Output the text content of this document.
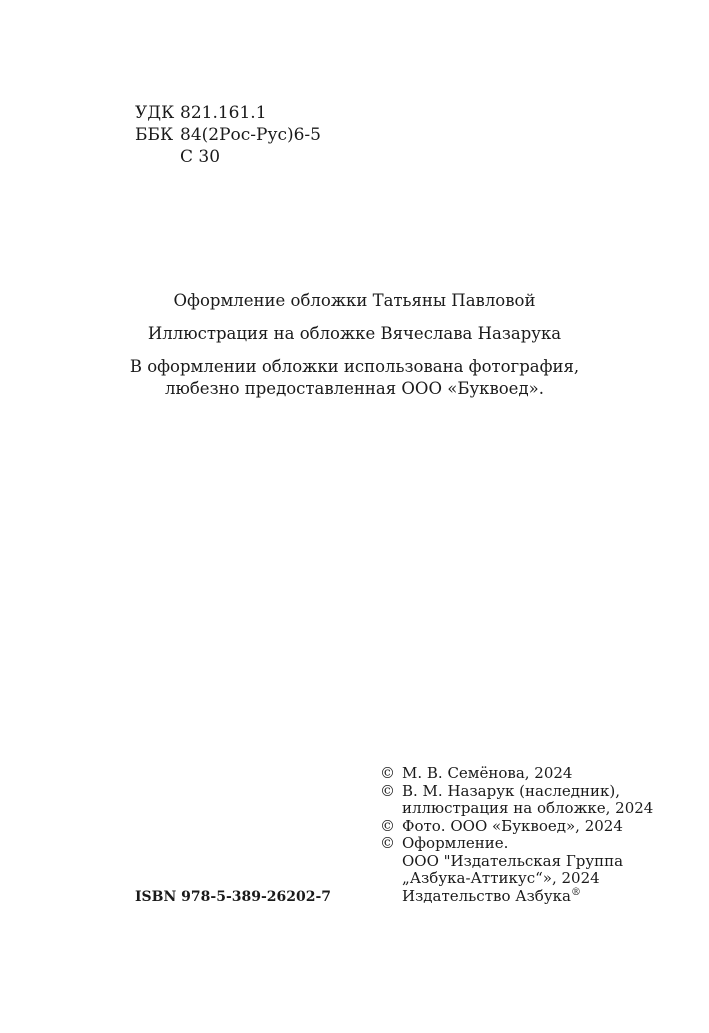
УДК 821.161.1
ББК 84(2Рос-Рус)6-5
С 30
Оформление обложки Татьяны Павловой
Иллюстрация на обложке Вячеслава Назарука
В оформлении обложки использована фотография,
любезно предоставленная ООО «Буквоед».
© М. В. Семёнова, 2024
© В. М. Назарук (наследник),
иллюстрация на обложке, 2024
© Фото. ООО «Буквоед», 2024
© Оформление.
ООО "Издательская Группа
„Азбука-Аттикус“», 2024
Издательство Азбука®
ISBN 978-5-389-26202-7
